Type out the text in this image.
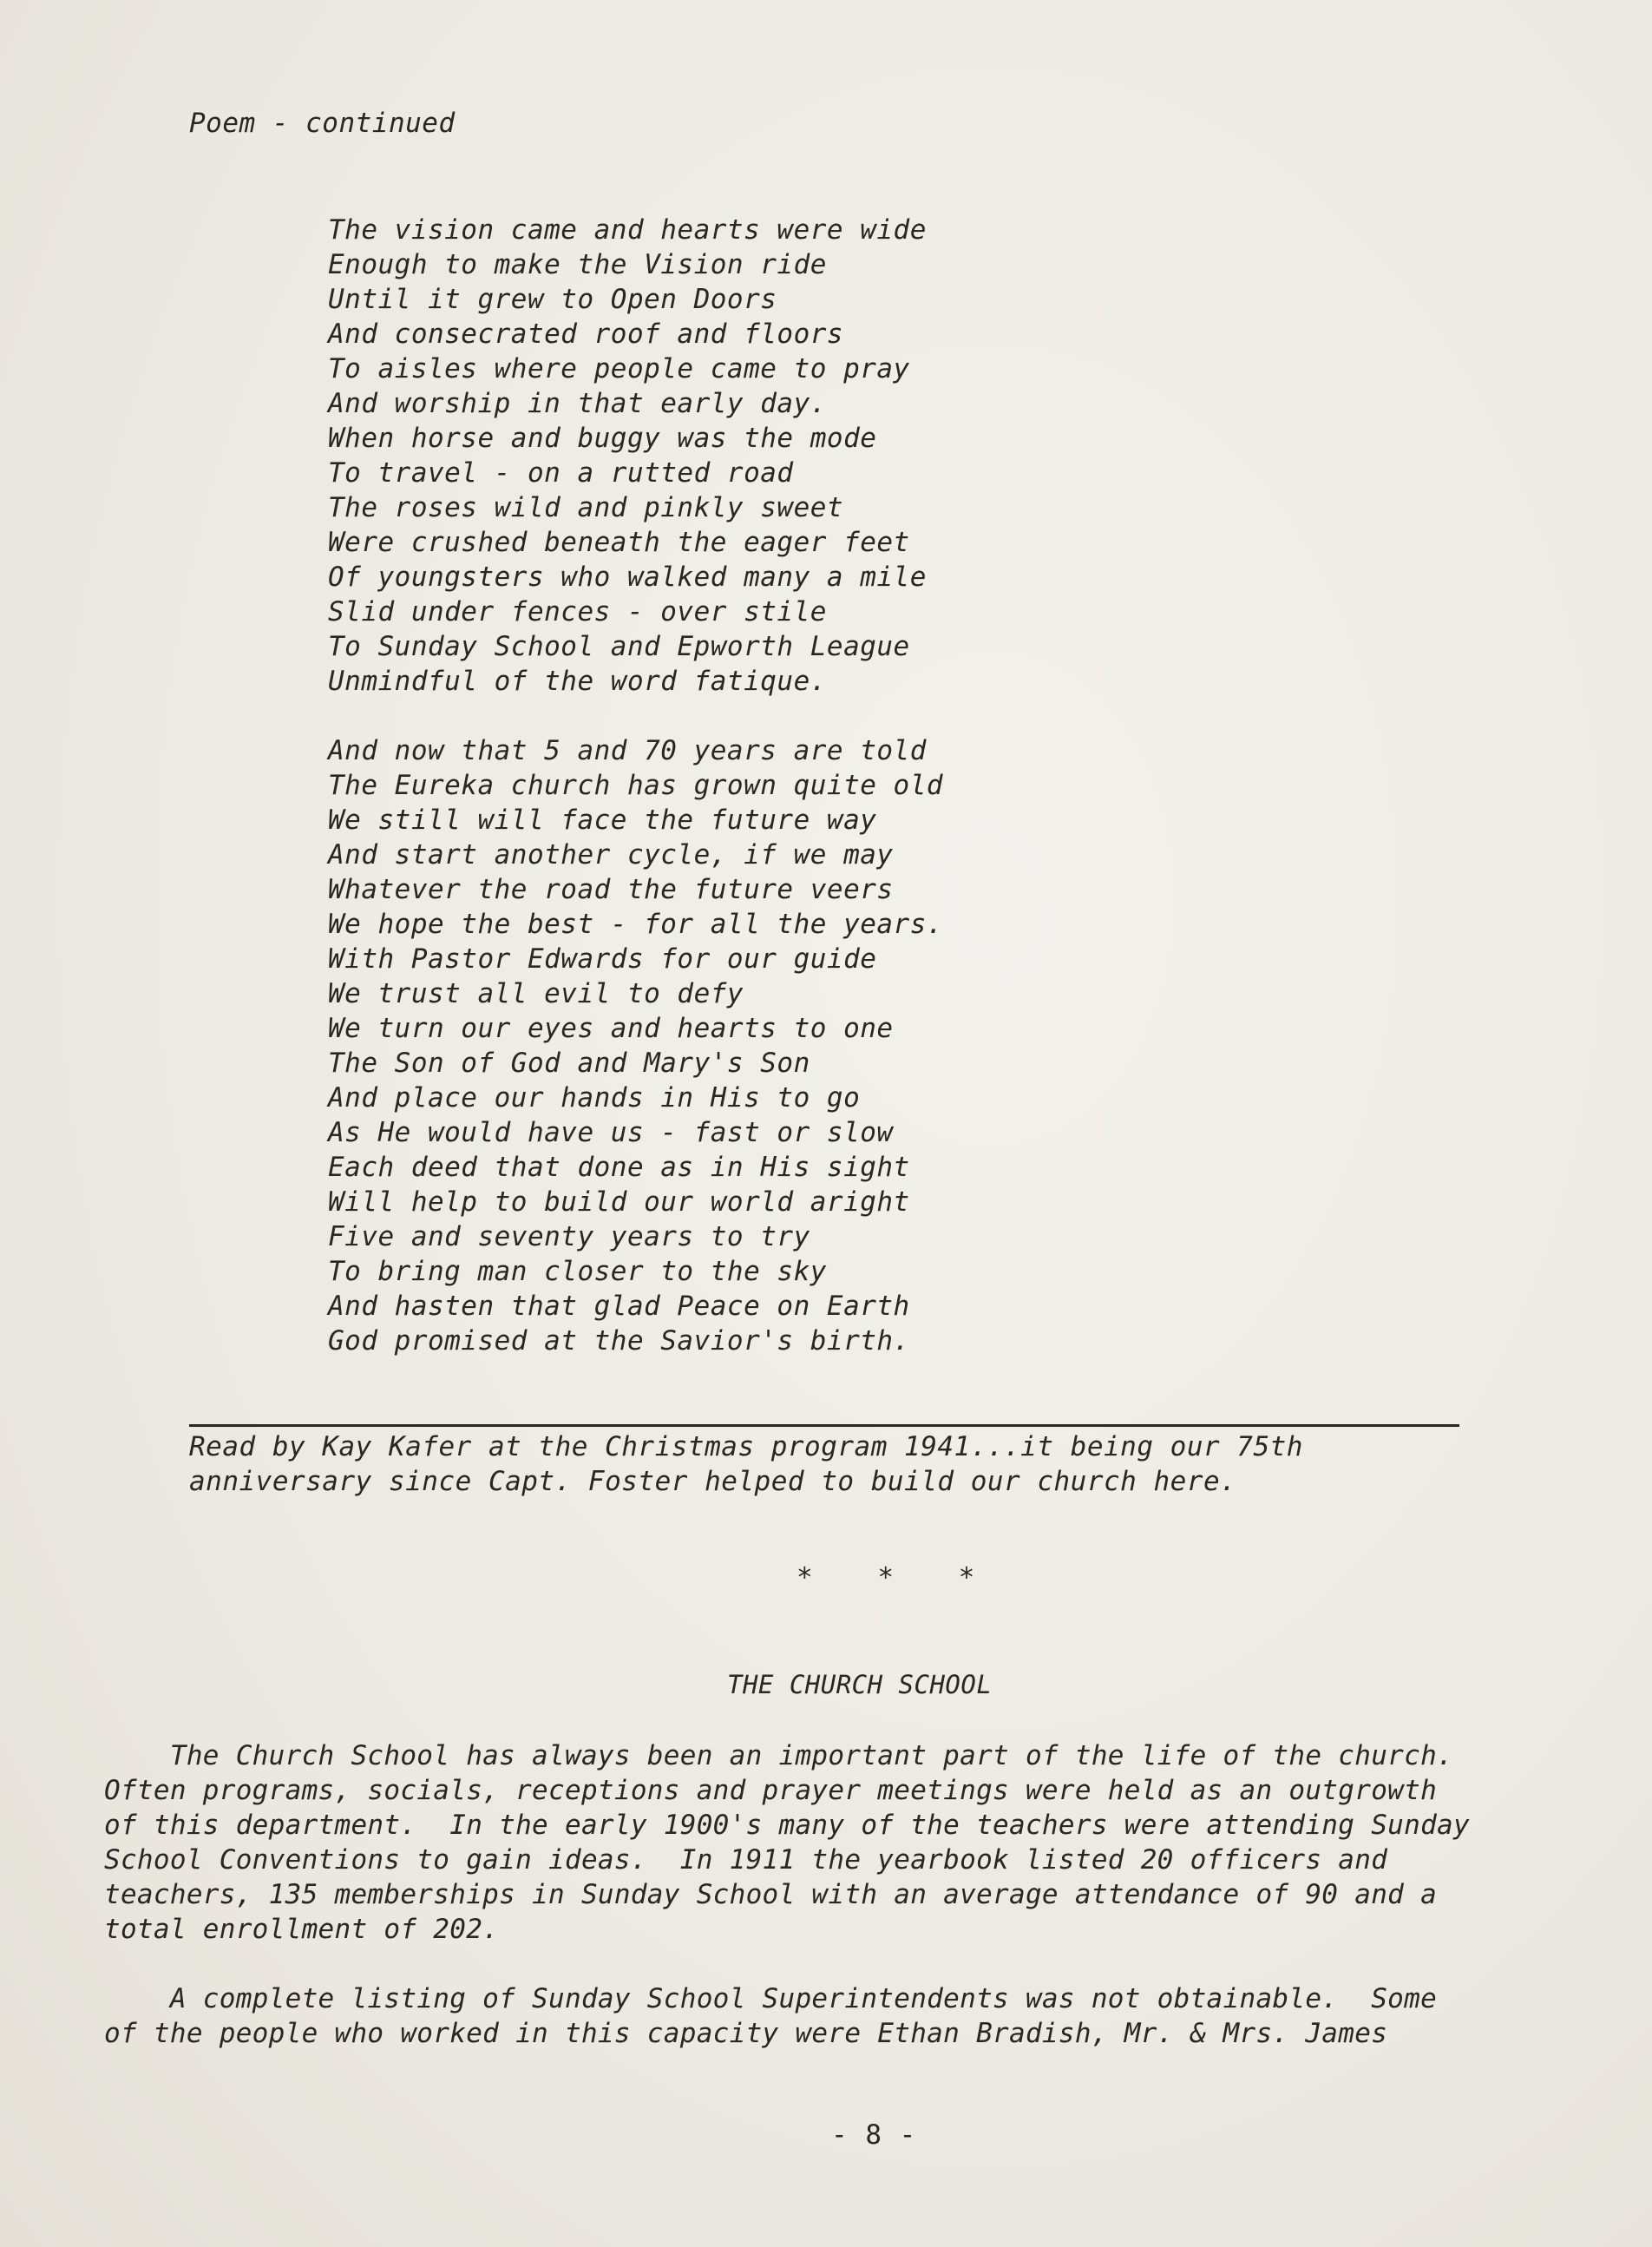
Poem - continued
The vision came and hearts were wide
Enough to make the Vision ride
Until it grew to Open Doors
And consecrated roof and floors
To aisles where people came to pray
And worship in that early day.
When horse and buggy was the mode
To travel - on a rutted road
The roses wild and pinkly sweet
Were crushed beneath the eager feet
Of youngsters who walked many a mile
Slid under fences - over stile
To Sunday School and Epworth League
Unmindful of the word fatique.
And now that 5 and 70 years are told
The Eureka church has grown quite old
We still will face the future way
And start another cycle, if we may
Whatever the road the future veers
We hope the best - for all the years.
With Pastor Edwards for our guide
We trust all evil to defy
We turn our eyes and hearts to one
The Son of God and Mary's Son
And place our hands in His to go
As He would have us - fast or slow
Each deed that done as in His sight
Will help to build our world aright
Five and seventy years to try
To bring man closer to the sky
And hasten that glad Peace on Earth
God promised at the Savior's birth.
Read by Kay Kafer at the Christmas program 1941...it being our 75th
anniversary since Capt. Foster helped to build our church here.
* * *
THE CHURCH SCHOOL
The Church School has always been an important part of the life of the church.
Often programs, socials, receptions and prayer meetings were held as an outgrowth
of this department.  In the early 1900's many of the teachers were attending Sunday
School Conventions to gain ideas.  In 1911 the yearbook listed 20 officers and
teachers, 135 memberships in Sunday School with an average attendance of 90 and a
total enrollment of 202.
A complete listing of Sunday School Superintendents was not obtainable.  Some
of the people who worked in this capacity were Ethan Bradish, Mr. & Mrs. James
- 8 -
